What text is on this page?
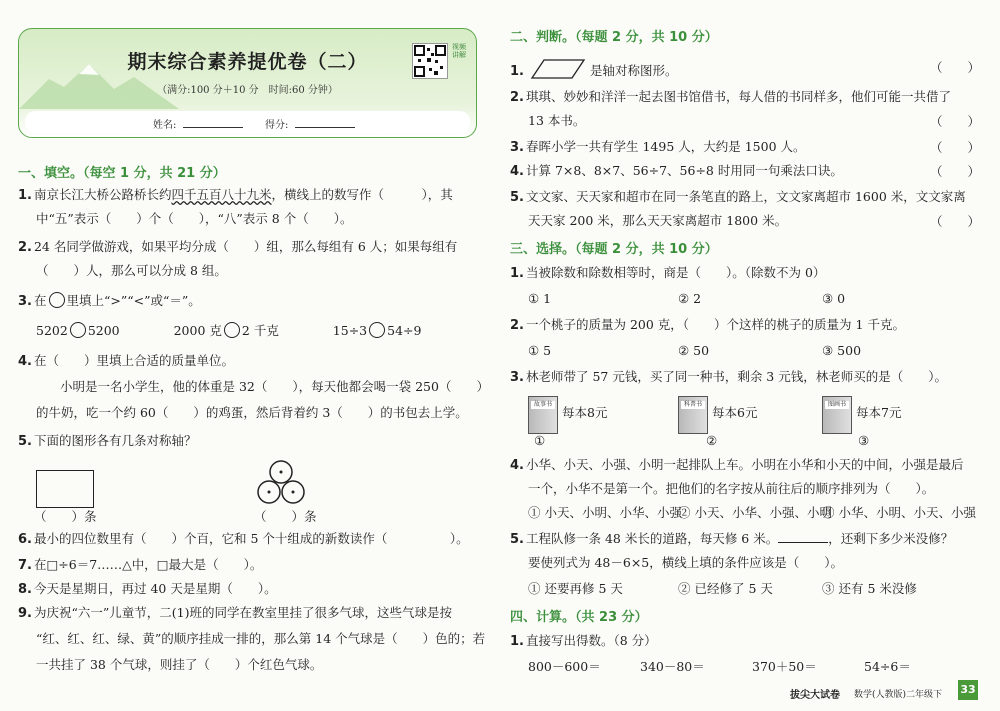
期末综合素养提优卷（二）
（满分:100 分＋10 分　时间:60 分钟）
视频讲解
姓名:	得分:
一、填空。（每空 1 分，共 21 分）
1. 南京长江大桥公路桥长约四千五百八十九米，横线上的数写作（　　　），其
中“五”表示（　　）个（　　），“八”表示 8 个（　　）。
2. 24 名同学做游戏，如果平均分成（　　）组，那么每组有 6 人；如果每组有
（　　）人，那么可以分成 8 组。
3. 在 里填上“>”“<”或“＝”。
5202 5200	2000 克 2 千克	15÷3 54÷9
4. 在（　　）里填上合适的质量单位。
小明是一名小学生，他的体重是 32（　　），每天他都会喝一袋 250（　　）
的牛奶，吃一个约 60（　　）的鸡蛋，然后背着约 3（　　）的书包去上学。
5. 下面的图形各有几条对称轴？
（　　）条	（　　）条
6. 最小的四位数里有（　　）个百，它和 5 个十组成的新数读作（　　　　　）。
7. 在□÷6＝7……△中，□最大是（　　）。
8. 今天是星期日，再过 40 天是星期（　　）。
9. 为庆祝“六一”儿童节，二(1)班的同学在教室里挂了很多气球，这些气球是按
“红、红、红、绿、黄”的顺序挂成一排的，那么第 14 个气球是（　　）色的；若
一共挂了 38 个气球，则挂了（　　）个红色气球。
二、判断。（每题 2 分，共 10 分）
1.	是轴对称图形。	（　　）
2. 琪琪、妙妙和洋洋一起去图书馆借书，每人借的书同样多，他们可能一共借了
13 本书。	（　　）
3. 春晖小学一共有学生 1495 人，大约是 1500 人。	（　　）
4. 计算 7×8、8×7、56÷7、56÷8 时用同一句乘法口诀。	（　　）
5. 文文家、天天家和超市在同一条笔直的路上，文文家离超市 1600 米，文文家离
天天家 200 米，那么天天家离超市 1800 米。	（　　）
三、选择。（每题 2 分，共 10 分）
1. 当被除数和除数相等时，商是（　　）。（除数不为 0）
① 1	② 2	③ 0
2. 一个桃子的质量为 200 克，（　　）个这样的桃子的质量为 1 千克。
① 5	② 50	③ 500
3. 林老师带了 57 元钱，买了同一种书，剩余 3 元钱，林老师买的是（　　）。
故事书
每本8元
①
科普书
每本6元
②
图画书
每本7元
③
4. 小华、小天、小强、小明一起排队上车。小明在小华和小天的中间，小强是最后
一个，小华不是第一个。把他们的名字按从前往后的顺序排列为（　　）。
① 小天、小明、小华、小强
② 小天、小华、小强、小明
③ 小华、小明、小天、小强
5. 工程队修一条 48 米长的道路，每天修 6 米。	，还剩下多少米没修？
要使列式为 48－6×5，横线上填的条件应该是（　　）。
① 还要再修 5 天	② 已经修了 5 天	③ 还有 5 米没修
四、计算。（共 23 分）
1. 直接写出得数。（8 分）
800－600＝	340－80＝	370＋50＝	54÷6＝
拔尖大试卷 数学(人教版)二年级下 33
